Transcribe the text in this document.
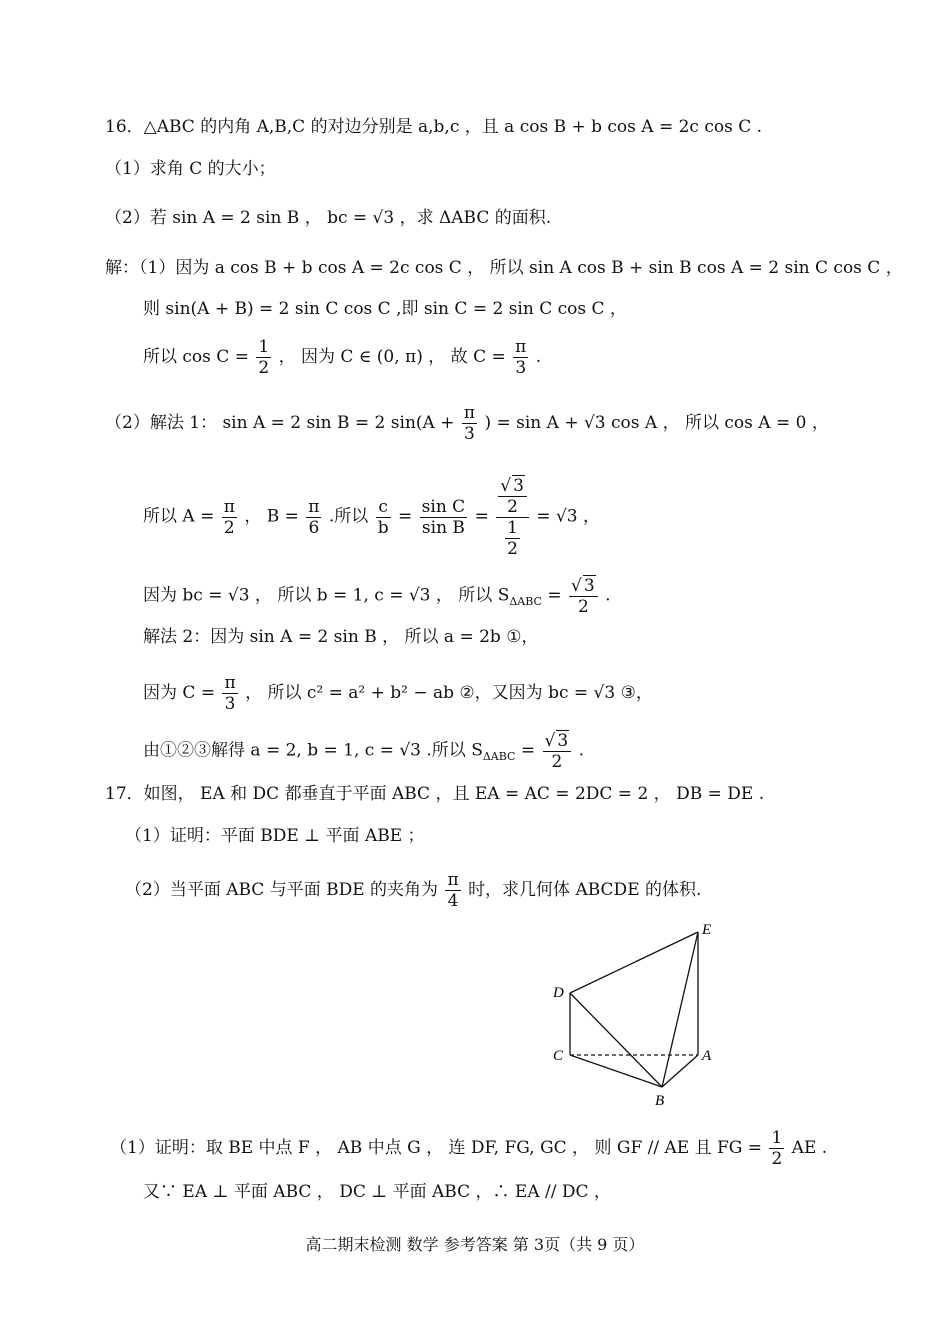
16．△ABC 的内角 A,B,C 的对边分别是 a,b,c ，且 a cos B + b cos A = 2c cos C .
（1）求角 C 的大小；
（2）若 sin A = 2 sin B ， bc = √3 ，求 ΔABC 的面积.
解：（1）因为 a cos B + b cos A = 2c cos C ， 所以 sin A cos B + sin B cos A = 2 sin C cos C ，
则 sin(A + B) = 2 sin C cos C ,即 sin C = 2 sin C cos C ，
所以 $\cos C = \frac{1}{2}$ ， 因为 C ∈ (0, π) ， 故 $C = \frac{\pi}{3}$ .
（2）解法 1： sin A = 2 sin B = 2 $\sin(A + \frac{\pi}{3}$ ) = sin A + √3 cos A ， 所以 cos A = 0 ，
所以 $A = \frac{\pi}{2}$ ， $B = \frac{\pi}{6}$ .所以 $\frac{c}{b} = \frac{\text{sin C}}{\text{sin B}} = \frac{\frac{√ 3}{2}}{\frac{1}{2}} = √3$ ，
因为 bc = √3 ， 所以 b = 1, c = √3 ， 所以 $S_{\Delta ABC} = \frac{√ 3}{2}$ .
解法 2：因为 sin A = 2 sin B ， 所以 a = 2b ①，
因为 $C = \frac{\pi}{3}$ ， 所以 c² = a² + b² − ab ②，又因为 bc = √3 ③，
由①②③解得 a = 2, b = 1, c = √3 .所以 $S_{\Delta ABC} = \frac{√ 3}{2}$ .
17．如图， EA 和 DC 都垂直于平面 ABC ，且 EA = AC = 2DC = 2 ， DB = DE .
（1）证明：平面 BDE ⊥ 平面 ABE ；
（2）当平面 ABC 与平面 BDE 的夹角为 $\frac{\pi}{4}$ 时，求几何体 ABCDE 的体积.
E
D
C	A
B
（1）证明：取 BE 中点 F ， AB 中点 G ， 连 DF, FG, GC ， 则 GF // AE 且 FG = $\frac{1}{2}$ AE .
又∵ EA ⊥ 平面 ABC ， DC ⊥ 平面 ABC ，∴ EA // DC ，
高二期末检测 数学 参考答案 第 3页（共 9 页）
